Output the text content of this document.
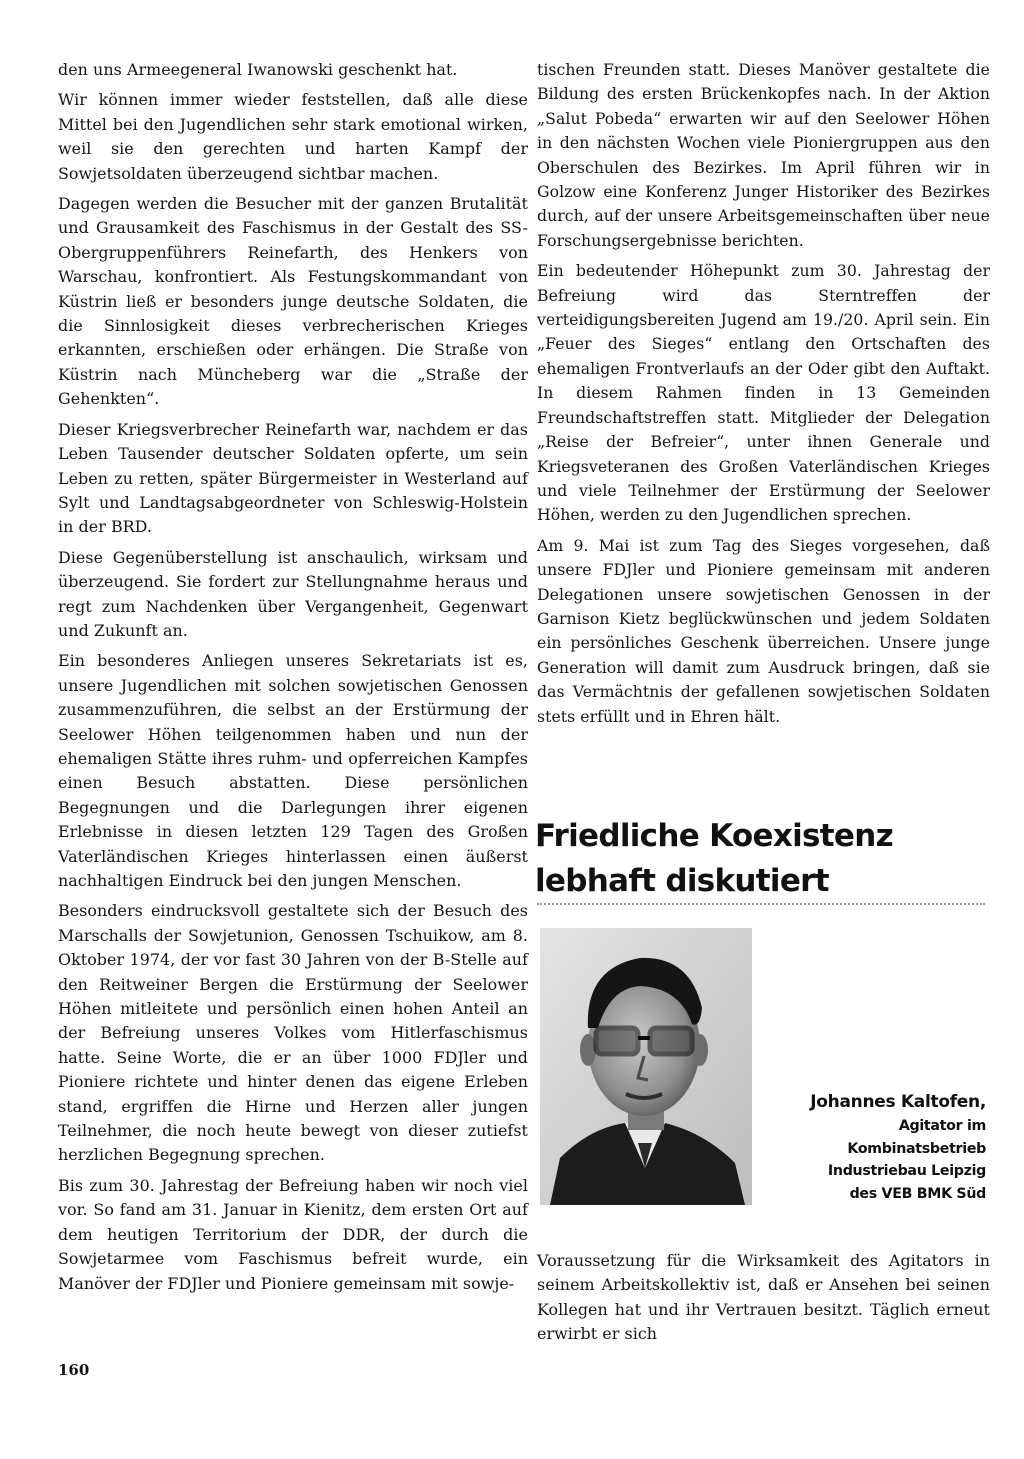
den uns Armeegeneral Iwanowski geschenkt hat.

Wir können immer wieder feststellen, daß alle diese Mittel bei den Jugendlichen sehr stark emotional wirken, weil sie den gerechten und harten Kampf der Sowjetsoldaten überzeugend sichtbar machen.

Dagegen werden die Besucher mit der ganzen Brutalität und Grausamkeit des Faschismus in der Gestalt des SS-Obergruppenführers Reinefarth, des Henkers von Warschau, konfrontiert. Als Festungskommandant von Küstrin ließ er besonders junge deutsche Soldaten, die die Sinnlosigkeit dieses verbrecherischen Krieges erkannten, erschießen oder erhängen. Die Straße von Küstrin nach Müncheberg war die „Straße der Gehenkten“.

Dieser Kriegsverbrecher Reinefarth war, nachdem er das Leben Tausender deutscher Soldaten opferte, um sein Leben zu retten, später Bürgermeister in Westerland auf Sylt und Landtagsabgeordneter von Schleswig-Holstein in der BRD.

Diese Gegenüberstellung ist anschaulich, wirksam und überzeugend. Sie fordert zur Stellungnahme heraus und regt zum Nachdenken über Vergangenheit, Gegenwart und Zukunft an.

Ein besonderes Anliegen unseres Sekretariats ist es, unsere Jugendlichen mit solchen sowjetischen Genossen zusammenzuführen, die selbst an der Erstürmung der Seelower Höhen teilgenommen haben und nun der ehemaligen Stätte ihres ruhm- und opferreichen Kampfes einen Besuch abstatten. Diese persönlichen Begegnungen und die Darlegungen ihrer eigenen Erlebnisse in diesen letzten 129 Tagen des Großen Vaterländischen Krieges hinterlassen einen äußerst nachhaltigen Eindruck bei den jungen Menschen.

Besonders eindrucksvoll gestaltete sich der Besuch des Marschalls der Sowjetunion, Genossen Tschuikow, am 8. Oktober 1974, der vor fast 30 Jahren von der B-Stelle auf den Reitweiner Bergen die Erstürmung der Seelower Höhen mitleitete und persönlich einen hohen Anteil an der Befreiung unseres Volkes vom Hitlerfaschismus hatte. Seine Worte, die er an über 1000 FDJler und Pioniere richtete und hinter denen das eigene Erleben stand, ergriffen die Hirne und Herzen aller jungen Teilnehmer, die noch heute bewegt von dieser zutiefst herzlichen Begegnung sprechen.

Bis zum 30. Jahrestag der Befreiung haben wir noch viel vor. So fand am 31. Januar in Kienitz, dem ersten Ort auf dem heutigen Territorium der DDR, der durch die Sowjetarmee vom Faschismus befreit wurde, ein Manöver der FDJler und Pioniere gemeinsam mit sowje-

tischen Freunden statt. Dieses Manöver gestaltete die Bildung des ersten Brückenkopfes nach. In der Aktion „Salut Pobeda“ erwarten wir auf den Seelower Höhen in den nächsten Wochen viele Pioniergruppen aus den Oberschulen des Bezirkes. Im April führen wir in Golzow eine Konferenz Junger Historiker des Bezirkes durch, auf der unsere Arbeitsgemeinschaften über neue Forschungsergebnisse berichten.

Ein bedeutender Höhepunkt zum 30. Jahrestag der Befreiung wird das Sterntreffen der verteidigungsbereiten Jugend am 19./20. April sein. Ein „Feuer des Sieges“ entlang den Ortschaften des ehemaligen Frontverlaufs an der Oder gibt den Auftakt. In diesem Rahmen finden in 13 Gemeinden Freundschaftstreffen statt. Mitglieder der Delegation „Reise der Befreier“, unter ihnen Generale und Kriegsveteranen des Großen Vaterländischen Krieges und viele Teilnehmer der Erstürmung der Seelower Höhen, werden zu den Jugendlichen sprechen.

Am 9. Mai ist zum Tag des Sieges vorgesehen, daß unsere FDJler und Pioniere gemeinsam mit anderen Delegationen unsere sowjetischen Genossen in der Garnison Kietz beglückwünschen und jedem Soldaten ein persönliches Geschenk überreichen. Unsere junge Generation will damit zum Ausdruck bringen, daß sie das Vermächtnis der gefallenen sowjetischen Soldaten stets erfüllt und in Ehren hält.

Friedliche Koexistenz
lebhaft diskutiert

Johannes Kaltofen,
Agitator im
Kombinatsbetrieb
Industriebau Leipzig
des VEB BMK Süd

Voraussetzung für die Wirksamkeit des Agitators in seinem Arbeitskollektiv ist, daß er Ansehen bei seinen Kollegen hat und ihr Vertrauen besitzt. Täglich erneut erwirbt er sich

160
